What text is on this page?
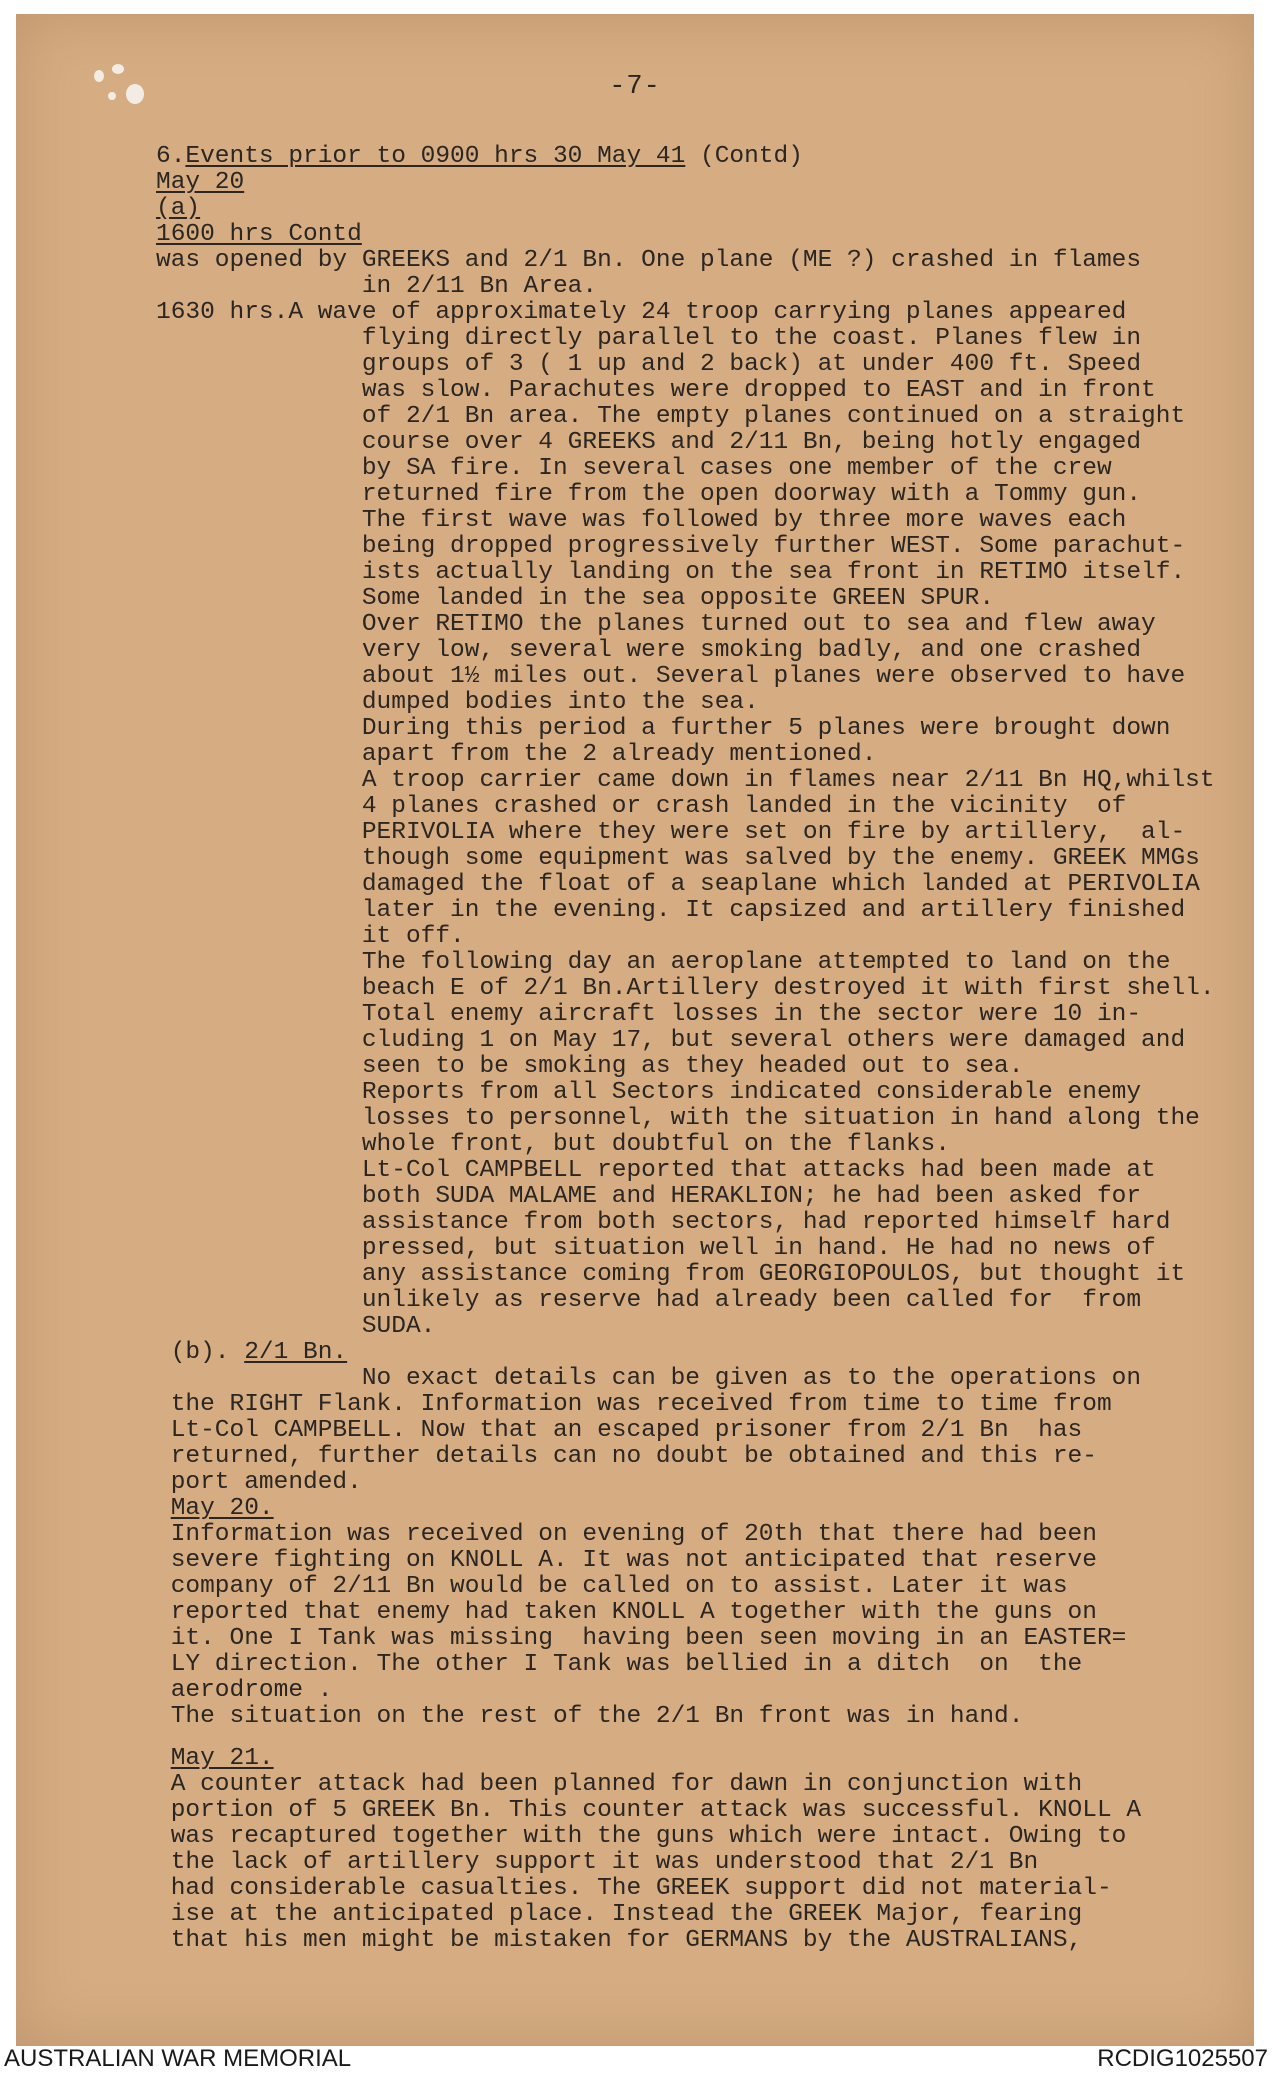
-7-
6.Events prior to 0900 hrs 30 May 41 (Contd)
May 20
(a)
1600 hrs Contd
was opened by GREEKS and 2/1 Bn. One plane (ME ?) crashed in flames
in 2/11 Bn Area.
1630 hrs.A wave of approximately 24 troop carrying planes appeared
flying directly parallel to the coast. Planes flew in
groups of 3 ( 1 up and 2 back) at under 400 ft. Speed
was slow. Parachutes were dropped to EAST and in front
of 2/1 Bn area. The empty planes continued on a straight
course over 4 GREEKS and 2/11 Bn, being hotly engaged
by SA fire. In several cases one member of the crew
returned fire from the open doorway with a Tommy gun.
The first wave was followed by three more waves each
being dropped progressively further WEST. Some parachut-
ists actually landing on the sea front in RETIMO itself.
Some landed in the sea opposite GREEN SPUR.
Over RETIMO the planes turned out to sea and flew away
very low, several were smoking badly, and one crashed
about 1½ miles out. Several planes were observed to have
dumped bodies into the sea.
During this period a further 5 planes were brought down
apart from the 2 already mentioned.
A troop carrier came down in flames near 2/11 Bn HQ,whilst
4 planes crashed or crash landed in the vicinity  of
PERIVOLIA where they were set on fire by artillery,  al-
though some equipment was salved by the enemy. GREEK MMGs
damaged the float of a seaplane which landed at PERIVOLIA
later in the evening. It capsized and artillery finished
it off.
The following day an aeroplane attempted to land on the
beach E of 2/1 Bn.Artillery destroyed it with first shell.
Total enemy aircraft losses in the sector were 10 in-
cluding 1 on May 17, but several others were damaged and
seen to be smoking as they headed out to sea.
Reports from all Sectors indicated considerable enemy
losses to personnel, with the situation in hand along the
whole front, but doubtful on the flanks.
Lt-Col CAMPBELL reported that attacks had been made at
both SUDA MALAME and HERAKLION; he had been asked for
assistance from both sectors, had reported himself hard
pressed, but situation well in hand. He had no news of
any assistance coming from GEORGIOPOULOS, but thought it
unlikely as reserve had already been called for  from
SUDA.
(b). 2/1 Bn.
No exact details can be given as to the operations on
the RIGHT Flank. Information was received from time to time from
Lt-Col CAMPBELL. Now that an escaped prisoner from 2/1 Bn  has
returned, further details can no doubt be obtained and this re-
port amended.
May 20.
Information was received on evening of 20th that there had been
severe fighting on KNOLL A. It was not anticipated that reserve
company of 2/11 Bn would be called on to assist. Later it was
reported that enemy had taken KNOLL A together with the guns on
it. One I Tank was missing  having been seen moving in an EASTER=
LY direction. The other I Tank was bellied in a ditch  on  the
aerodrome .
The situation on the rest of the 2/1 Bn front was in hand.
May 21.
A counter attack had been planned for dawn in conjunction with
portion of 5 GREEK Bn. This counter attack was successful. KNOLL A
was recaptured together with the guns which were intact. Owing to
the lack of artillery support it was understood that 2/1 Bn
had considerable casualties. The GREEK support did not material-
ise at the anticipated place. Instead the GREEK Major, fearing
that his men might be mistaken for GERMANS by the AUSTRALIANS,
AUSTRALIAN WAR MEMORIAL	RCDIG1025507
